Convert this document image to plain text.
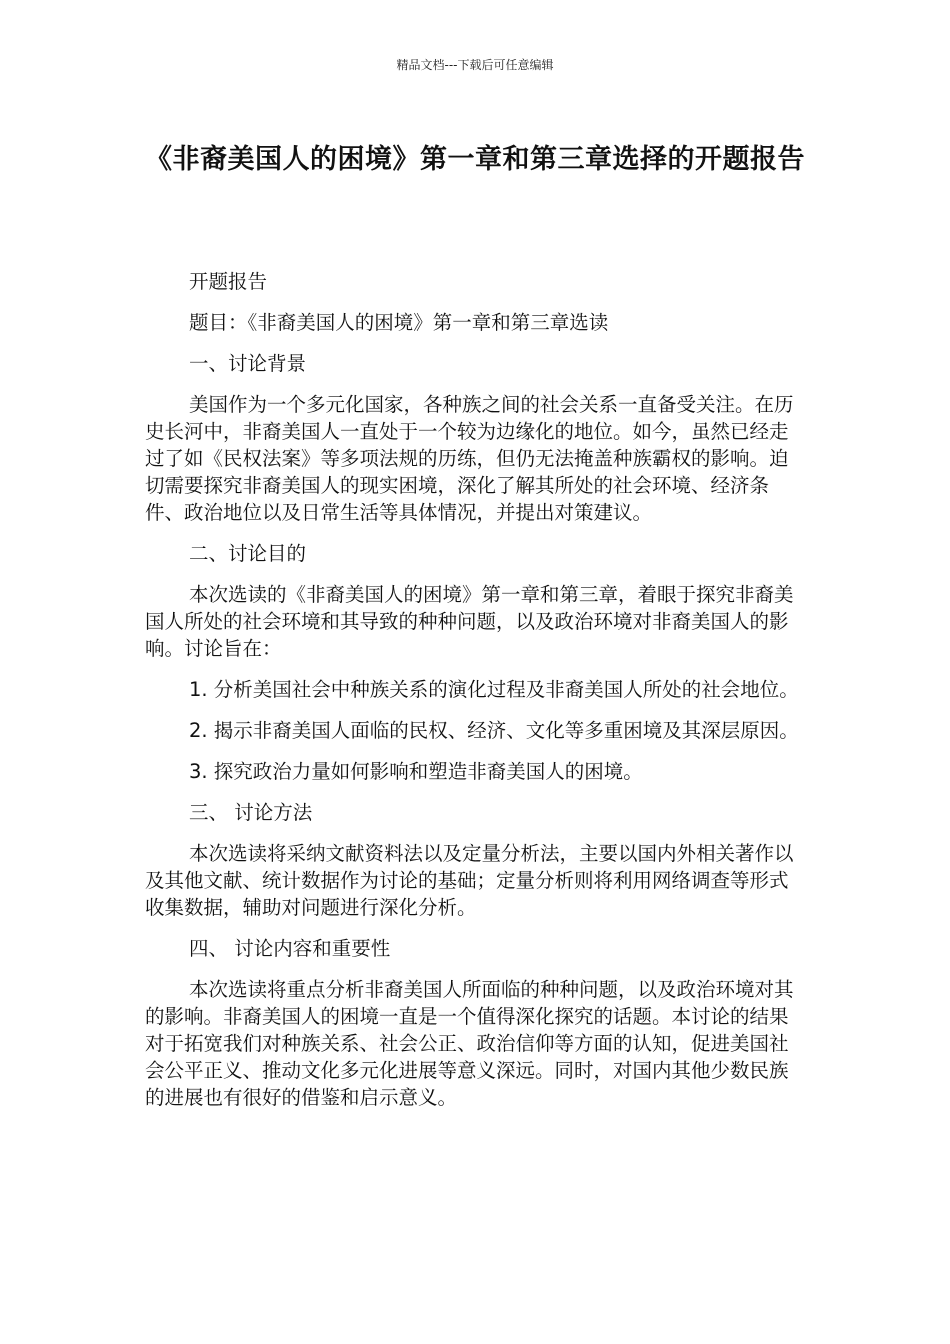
精品文档---下载后可任意编辑
《非裔美国人的困境》第一章和第三章选择的开题报告

开题报告

题目：《非裔美国人的困境》第一章和第三章选读

一、讨论背景

美国作为一个多元化国家，各种族之间的社会关系一直备受关注。在历史长河中，非裔美国人一直处于一个较为边缘化的地位。如今，虽然已经走过了如《民权法案》等多项法规的历练，但仍无法掩盖种族霸权的影响。迫切需要探究非裔美国人的现实困境，深化了解其所处的社会环境、经济条件、政治地位以及日常生活等具体情况，并提出对策建议。

二、讨论目的

本次选读的《非裔美国人的困境》第一章和第三章，着眼于探究非裔美国人所处的社会环境和其导致的种种问题，以及政治环境对非裔美国人的影响。讨论旨在：

1. 分析美国社会中种族关系的演化过程及非裔美国人所处的社会地位。

2. 揭示非裔美国人面临的民权、经济、文化等多重困境及其深层原因。

3. 探究政治力量如何影响和塑造非裔美国人的困境。

三、 讨论方法

本次选读将采纳文献资料法以及定量分析法，主要以国内外相关著作以及其他文献、统计数据作为讨论的基础；定量分析则将利用网络调查等形式收集数据，辅助对问题进行深化分析。

四、 讨论内容和重要性

本次选读将重点分析非裔美国人所面临的种种问题，以及政治环境对其的影响。非裔美国人的困境一直是一个值得深化探究的话题。本讨论的结果对于拓宽我们对种族关系、社会公正、政治信仰等方面的认知，促进美国社会公平正义、推动文化多元化进展等意义深远。同时，对国内其他少数民族的进展也有很好的借鉴和启示意义。
